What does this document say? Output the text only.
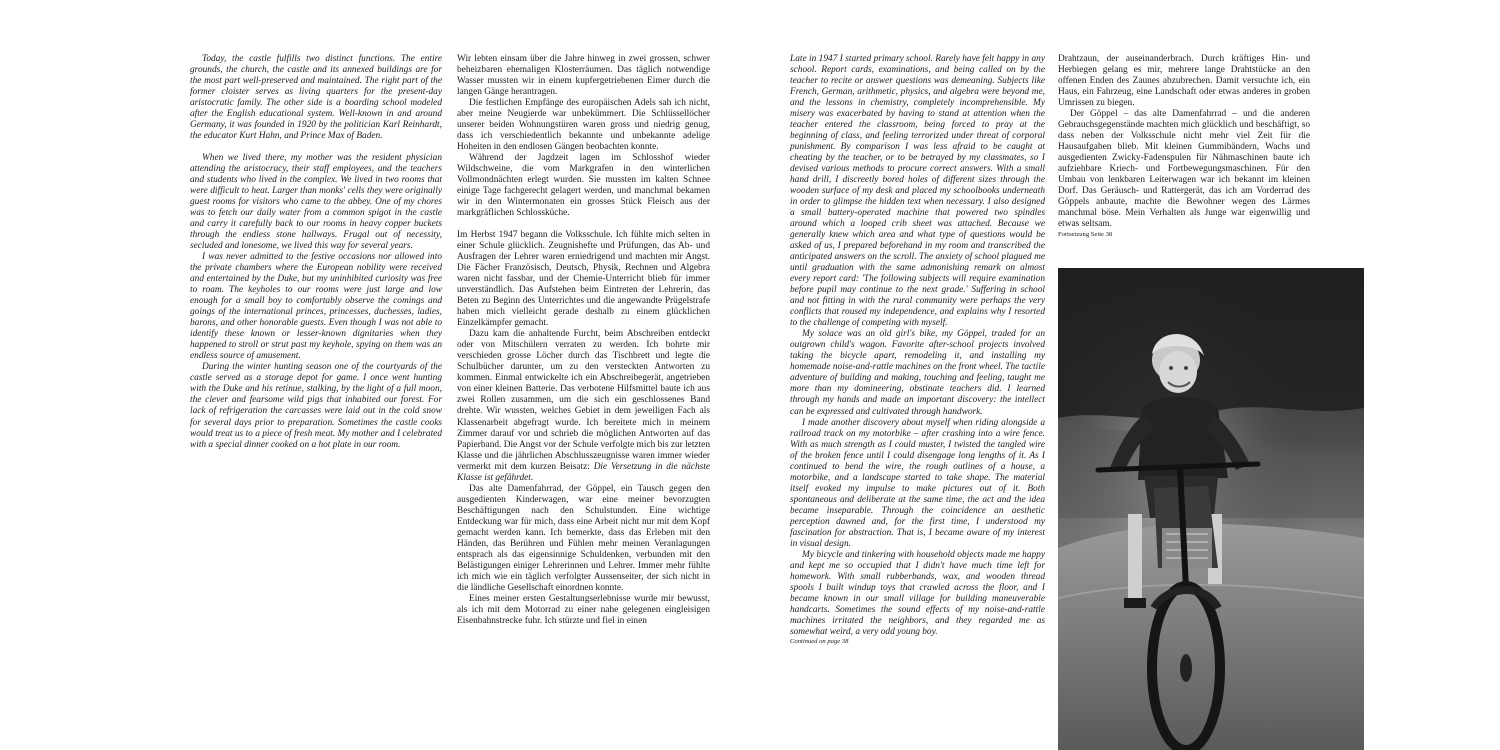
Today, the castle fulfills two distinct functions. The entire grounds, the church, the castle and its annexed buildings are for the most part well-preserved and maintained. The right part of the former cloister serves as living quarters for the present-day aristocratic family. The other side is a boarding school modeled after the English educational system. Well-known in and around Germany, it was founded in 1920 by the politician Karl Reinhardt, the educator Kurt Hahn, and Prince Max of Baden.

When we lived there, my mother was the resident physician attending the aristocracy, their staff employees, and the teachers and students who lived in the complex. We lived in two rooms that were difficult to heat. Larger than monks' cells they were originally guest rooms for visitors who came to the abbey. One of my chores was to fetch our daily water from a common spigot in the castle and carry it carefully back to our rooms in heavy copper buckets through the endless stone hallways. Frugal out of necessity, secluded and lonesome, we lived this way for several years.

I was never admitted to the festive occasions nor allowed into the private chambers where the European nobility were received and entertained by the Duke, but my uninhibited curiosity was free to roam. The keyholes to our rooms were just large and low enough for a small boy to comfortably observe the comings and goings of the international princes, princesses, duchesses, ladies, barons, and other honorable guests. Even though I was not able to identify these known or lesser-known dignitaries when they happened to stroll or strut past my keyhole, spying on them was an endless source of amusement.

During the winter hunting season one of the courtyards of the castle served as a storage depot for game. I once went hunting with the Duke and his retinue, stalking, by the light of a full moon, the clever and fearsome wild pigs that inhabited our forest. For lack of refrigeration the carcasses were laid out in the cold snow for several days prior to preparation. Sometimes the castle cooks would treat us to a piece of fresh meat. My mother and I celebrated with a special dinner cooked on a hot plate in our room.

Wir lebten einsam über die Jahre hinweg in zwei grossen, schwer beheizbaren ehemaligen Klosterräumen. Das täglich notwendige Wasser mussten wir in einem kupfergetriebenen Eimer durch die langen Gänge herantragen.

Die festlichen Empfänge des europäischen Adels sah ich nicht, aber meine Neugierde war unbekümmert. Die Schlüssellöcher unserer beiden Wohnungstüren waren gross und niedrig genug, dass ich verschiedentlich bekannte und unbekannte adelige Hoheiten in den endlosen Gängen beobachten konnte.

Während der Jagdzeit lagen im Schlosshof wieder Wildschweine, die vom Markgrafen in den winterlichen Vollmondnächten erlegt wurden. Sie mussten im kalten Schnee einige Tage fachgerecht gelagert werden, und manchmal bekamen wir in den Wintermonaten ein grosses Stück Fleisch aus der markgräflichen Schlossküche.

Im Herbst 1947 begann die Volksschule. Ich fühlte mich selten in einer Schule glücklich. Zeugnishefte und Prüfungen, das Ab- und Ausfragen der Lehrer waren erniedrigend und machten mir Angst. Die Fächer Französisch, Deutsch, Physik, Rechnen und Algebra waren nicht fassbar, und der Chemie-Unterricht blieb für immer unverständlich. Das Aufstehen beim Eintreten der Lehrerin, das Beten zu Beginn des Unterrichtes und die angewandte Prügelstrafe haben mich vielleicht gerade deshalb zu einem glücklichen Einzelkämpfer gemacht.

Dazu kam die anhaltende Furcht, beim Abschreiben entdeckt oder von Mitschülern verraten zu werden. Ich bohrte mir verschieden grosse Löcher durch das Tischbrett und legte die Schulbücher darunter, um zu den versteckten Antworten zu kommen. Einmal entwickelte ich ein Abschreibegerät, angetrieben von einer kleinen Batterie. Das verbotene Hilfsmittel baute ich aus zwei Rollen zusammen, um die sich ein geschlossenes Band drehte. Wir wussten, welches Gebiet in dem jeweiligen Fach als Klassenarbeit abgefragt wurde. Ich bereitete mich in meinem Zimmer darauf vor und schrieb die möglichen Antworten auf das Papierband. Die Angst vor der Schule verfolgte mich bis zur letzten Klasse und die jährlichen Abschlusszeugnisse waren immer wieder vermerkt mit dem kurzen Beisatz: Die Versetzung in die nächste Klasse ist gefährdet.

Das alte Damenfahrrad, der Göppel, ein Tausch gegen den ausgedienten Kinderwagen, war eine meiner bevorzugten Beschäftigungen nach den Schulstunden. Eine wichtige Entdeckung war für mich, dass eine Arbeit nicht nur mit dem Kopf gemacht werden kann. Ich bemerkte, dass das Erleben mit den Händen, das Berühren und Fühlen mehr meinen Veranlagungen entsprach als das eigensinnige Schuldenken, verbunden mit den Belästigungen einiger Lehrerinnen und Lehrer. Immer mehr fühlte ich mich wie ein täglich verfolgter Aussenseiter, der sich nicht in die ländliche Gesellschaft einordnen konnte.

Eines meiner ersten Gestaltungserlebnisse wurde mir bewusst, als ich mit dem Motorrad zu einer nahe gelegenen eingleisigen Eisenbahnstrecke fuhr. Ich stürzte und fiel in einen

Late in 1947 I started primary school. Rarely have felt happy in any school. Report cards, examinations, and being called on by the teacher to recite or answer questions was demeaning. Subjects like French, German, arithmetic, physics, and algebra were beyond me, and the lessons in chemistry, completely incomprehensible. My misery was exacerbated by having to stand at attention when the teacher entered the classroom, being forced to pray at the beginning of class, and feeling terrorized under threat of corporal punishment. By comparison I was less afraid to be caught at cheating by the teacher, or to be betrayed by my classmates, so I devised various methods to procure correct answers. With a small hand drill, I discreetly bored holes of different sizes through the wooden surface of my desk and placed my schoolbooks underneath in order to glimpse the hidden text when necessary. I also designed a small battery-operated machine that powered two spindles around which a looped crib sheet was attached. Because we generally knew which area and what type of questions would be asked of us, I prepared beforehand in my room and transcribed the anticipated answers on the scroll. The anxiety of school plagued me until graduation with the same admonishing remark on almost every report card: 'The following subjects will require examination before pupil may continue to the next grade.' Suffering in school and not fitting in with the rural community were perhaps the very conflicts that roused my independence, and explains why I resorted to the challenge of competing with myself.

My solace was an old girl's bike, my Göppel, traded for an outgrown child's wagon. Favorite after-school projects involved taking the bicycle apart, remodeling it, and installing my homemade noise-and-rattle machines on the front wheel. The tactile adventure of building and making, touching and feeling, taught me more than my domineering, obstinate teachers did. I learned through my hands and made an important discovery: the intellect can be expressed and cultivated through handwork.

I made another discovery about myself when riding alongside a railroad track on my motorbike – after crashing into a wire fence. With as much strength as I could muster, I twisted the tangled wire of the broken fence until I could disengage long lengths of it. As I continued to bend the wire, the rough outlines of a house, a motorbike, and a landscape started to take shape. The material itself evoked my impulse to make pictures out of it. Both spontaneous and deliberate at the same time, the act and the idea became inseparable. Through the coincidence an aesthetic perception dawned and, for the first time, I understood my fascination for abstraction. That is, I became aware of my interest in visual design.

My bicycle and tinkering with household objects made me happy and kept me so occupied that I didn't have much time left for homework. With small rubberbands, wax, and wooden thread spools I built windup toys that crawled across the floor, and I became known in our small village for building maneuverable handcarts. Sometimes the sound effects of my noise-and-rattle machines irritated the neighbors, and they regarded me as somewhat weird, a very odd young boy.

Continued on page 38

Drahtzaun, der auseinanderbrach. Durch kräftiges Hin- und Herbiegen gelang es mir, mehrere lange Drahtstücke an den offenen Enden des Zaunes abzubrechen. Damit versuchte ich, ein Haus, ein Fahrzeug, eine Landschaft oder etwas anderes in groben Umrissen zu biegen.

Der Göppel – das alte Damenfahrrad – und die anderen Gebrauchsgegenstände machten mich glücklich und beschäftigt, so dass neben der Volksschule nicht mehr viel Zeit für die Hausaufgaben blieb. Mit kleinen Gummibändern, Wachs und ausgedienten Zwicky-Fadenspulen für Nähmaschinen baute ich aufziehbare Kriech- und Fortbewegungsmaschinen. Für den Umbau von lenkbaren Leiterwagen war ich bekannt im kleinen Dorf. Das Geräusch- und Rattergerät, das ich am Vorderrad des Göppels anbaute, machte die Bewohner wegen des Lärmes manchmal böse. Mein Verhalten als Junge war eigenwillig und etwas seltsam.

Fortsetzung Seite 38
